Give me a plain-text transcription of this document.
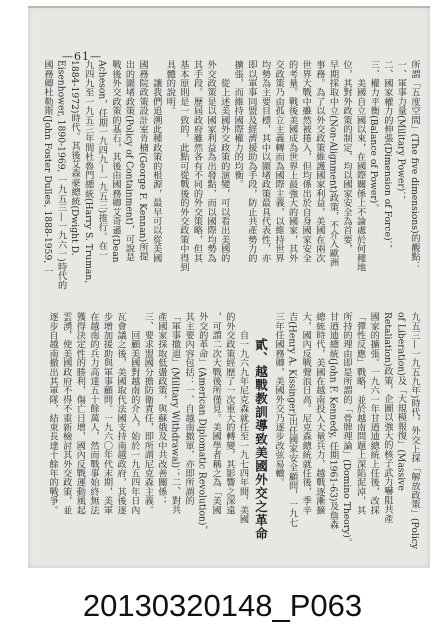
—61—
所謂「五度空間」(The five dimensions)的觀點：
一、軍事力量(Military Power)；
二、國家權力的伸張(Dimension of Force)；
三、權力平衡(Balance of Power)。
　　美國自立國以來，在國際關係上不論處於何種地
位，其對外政策的制定，均以國家安全為首要，
早期採取中立(Non-Alignment)政策，不介入歐洲
事務。為了以外交政策維護國家利益，美國在兩次
世界大戰中雖然被捲入，但均係出於自身國家安全
的考量。戰後美國成為世界上最強大的國家，其外
交政策乃由孤立主義轉而為國際主義，以維持世界
均勢為主要目標，其中以圍堵政策最具代表性，亦
即以軍事同盟及經濟援助為手段，防止共產勢力的
擴張，而維持國際權力的均衡。
　　從上述美國外交政策的演變，可以看出美國的
外交政策是以國家利益為出發點，而以國際均勢為
其手段。歷屆政府雖然各有不同的外交策略，但其
基本原則是一致的，此點可從戰後的外交政策中得到
具體的說明。
　　讓我們追溯此種政策的根源，最早可以從美國
國務院政策設計室肯楠(George F. Kennan)所提
出的圍堵政策(Policy of Containment)，可說是
戰後外交政策的基石，其後由國務卿艾奇遜(Dean
Acheson，任期一九四九—一九五三)推行。在一
九四九至一九五三年間杜魯門總統(Harry S. Truman,
1884-1972)時代。其後艾森豪總統(Dwight D.
Eisenhower, 1890-1969, 一九五三—一九六一)時代的
國務卿杜勒斯(John Foster Dulles, 1888-1959, 一
九五三—一九五九年)時代，外交上採「解放政策」(Policy
of Liberation)及「大規模報復」(Massive
Retaliation)政策，企圖以強大的核子武力嚇阻共產
國家的擴張。一九六一年甘迺迪總統上任後，改採
「彈性反應」戰略，並於越南問題上深陷泥淖，其
所持的理由即是所謂的「骨牌理論」(Domino Theory)。
甘迺迪總統(John F. Kennedy, 任期1961-63)及詹森
總統時代，美國在越南投入大量兵力，越戰逐漸擴
大，國內反戰聲浪日高。尼克森總統就任後，季辛
吉(Henry A. Kissinger)出任國家安全顧問，一九七
三年任國務卿，美國外交乃逐步改弦易轍。
貳、越戰教訓導致美國外交之革命
　　自一九六九年尼克森就任至一九七四年間，美國
的外交政策經歷了一次重大的轉變，其影響之深遠
，可謂二次大戰後所僅見。美國學者稱之為「美國
外交的革命」(American Diplomatic Revolution)，
其主要內容包括：一、自越南撤軍，亦即所謂的
「軍事撤退」(Military Withdrawal)；二、對共
產國家採取低盪政策，與蘇俄及中共改善關係；
三、要求盟國分擔防衛責任，即所謂尼克森主義。
　　回顧美國對越南的介入，始於一九五四年日內
瓦會議之後，美國取代法國支持南越政府，其後逐
步增加援助與軍事顧問。一九六〇年代末期，美軍
在越南的兵力高達五十餘萬人，然而戰事始終無法
獲得決定性的勝利，傷亡日增，國內反戰運動風起
雲湧，使美國政府不得不重新檢討其外交政策，並
逐步自越南撤出其軍隊，結束長達十餘年的戰爭。
20130320148_P063
